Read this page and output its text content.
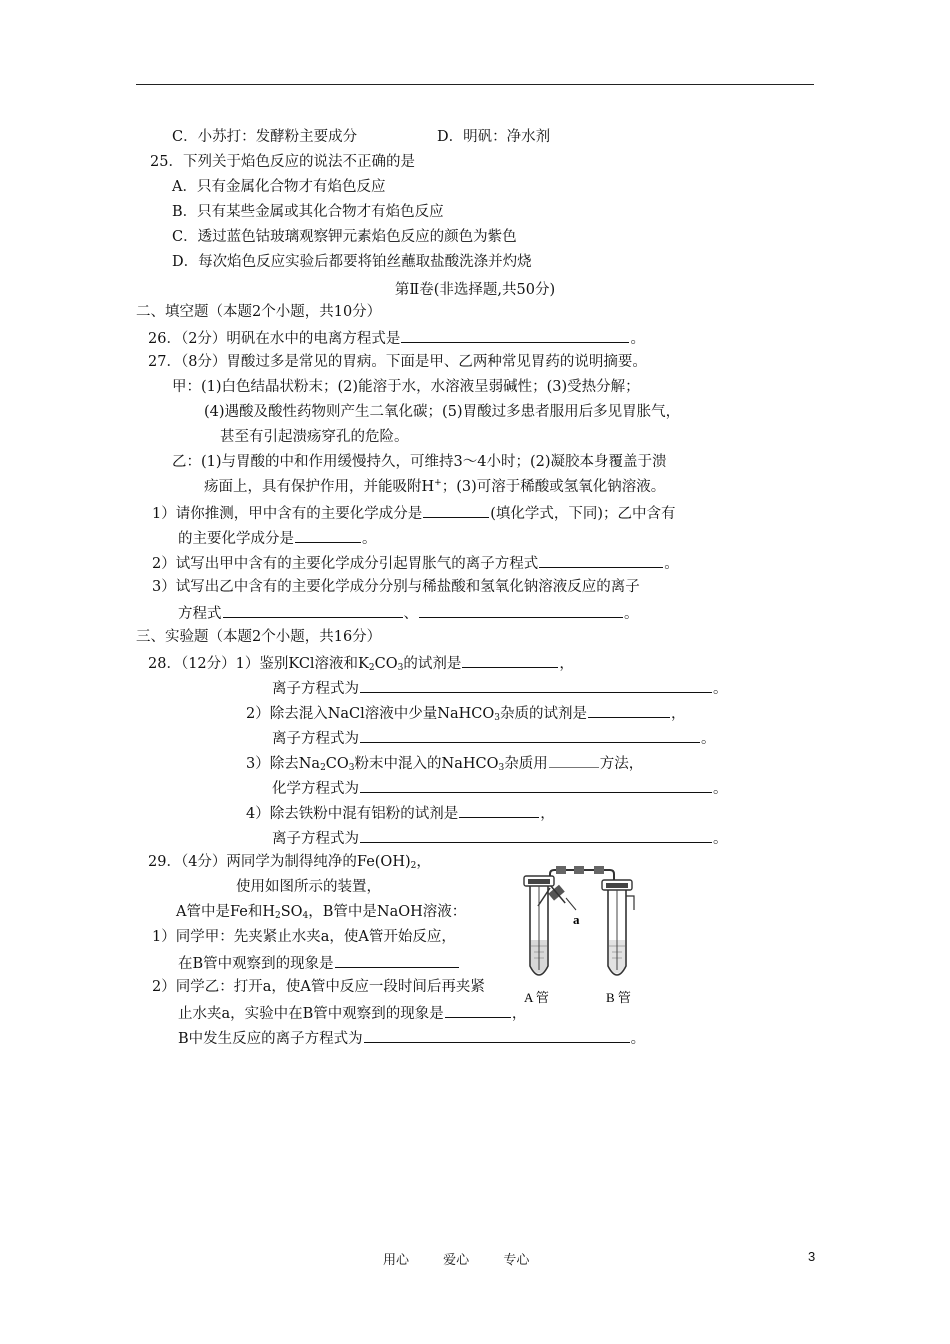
C．小苏打：发酵粉主要成分	D．明矾：净水剂
25．下列关于焰色反应的说法不正确的是
A．只有金属化合物才有焰色反应
B．只有某些金属或其化合物才有焰色反应
C．透过蓝色钴玻璃观察钾元素焰色反应的颜色为紫色
D．每次焰色反应实验后都要将铂丝蘸取盐酸洗涤并灼烧
第Ⅱ卷(非选择题,共50分)
二、填空题（本题2个小题，共10分）
26．（2分）明矾在水中的电离方程式是	。
27．（8分）胃酸过多是常见的胃病。下面是甲、乙两种常见胃药的说明摘要。
甲：(1)白色结晶状粉末；(2)能溶于水，水溶液呈弱碱性；(3)受热分解；
(4)遇酸及酸性药物则产生二氧化碳；(5)胃酸过多患者服用后多见胃胀气，
甚至有引起溃疡穿孔的危险。
乙：(1)与胃酸的中和作用缓慢持久，可维持3～4小时；(2)凝胶本身覆盖于溃
疡面上，具有保护作用，并能吸附H+；(3)可溶于稀酸或氢氧化钠溶液。
1）请你推测，甲中含有的主要化学成分是	(填化学式，下同)；乙中含有
的主要化学成分是	。
2）试写出甲中含有的主要化学成分引起胃胀气的离子方程式	。
3）试写出乙中含有的主要化学成分分别与稀盐酸和氢氧化钠溶液反应的离子
方程式	、	。
三、实验题（本题2个小题，共16分）
28．（12分）1）鉴别KCl溶液和$K_2CO_3$的试剂是	，
离子方程式为	。
2）除去混入NaCl溶液中少量NaHCO$_3$杂质的试剂是	，
离子方程式为	。
3）除去$Na_2CO_3$粉末中混入的NaHCO$_3$杂质用	方法，
化学方程式为	。
4）除去铁粉中混有铝粉的试剂是	，
离子方程式为	。
29．（4分）两同学为制得纯净的$Fe(OH)_2$，
使用如图所示的装置，
A管中是Fe和$H_2SO_4$，B管中是NaOH溶液：
1）同学甲：先夹紧止水夹a，使A管开始反应，
在B管中观察到的现象是
2）同学乙：打开a，使A管中反应一段时间后再夹紧
止水夹a，实验中在B管中观察到的现象是	，
B中发生反应的离子方程式为	。
a
A 管	B 管
用心	爱心	专心	3
